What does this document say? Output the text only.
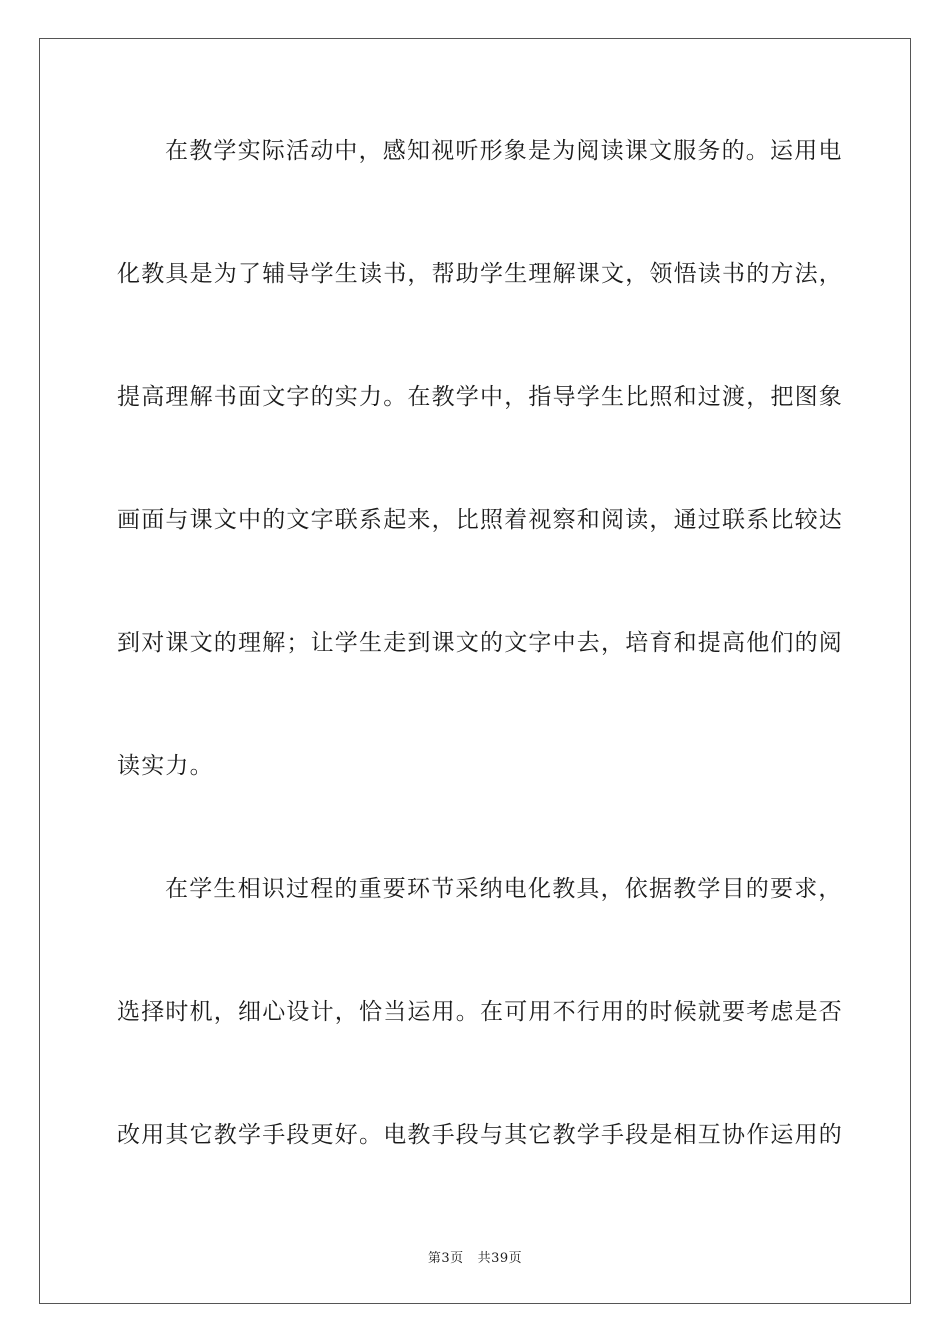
在教学实际活动中，感知视听形象是为阅读课文服务的。运用电
化教具是为了辅导学生读书，帮助学生理解课文，领悟读书的方法，
提高理解书面文字的实力。在教学中，指导学生比照和过渡，把图象
画面与课文中的文字联系起来，比照着视察和阅读，通过联系比较达
到对课文的理解；让学生走到课文的文字中去，培育和提高他们的阅
读实力。
在学生相识过程的重要环节采纳电化教具，依据教学目的要求，
选择时机，细心设计，恰当运用。在可用不行用的时候就要考虑是否
改用其它教学手段更好。电教手段与其它教学手段是相互协作运用的
第3页 共39页
